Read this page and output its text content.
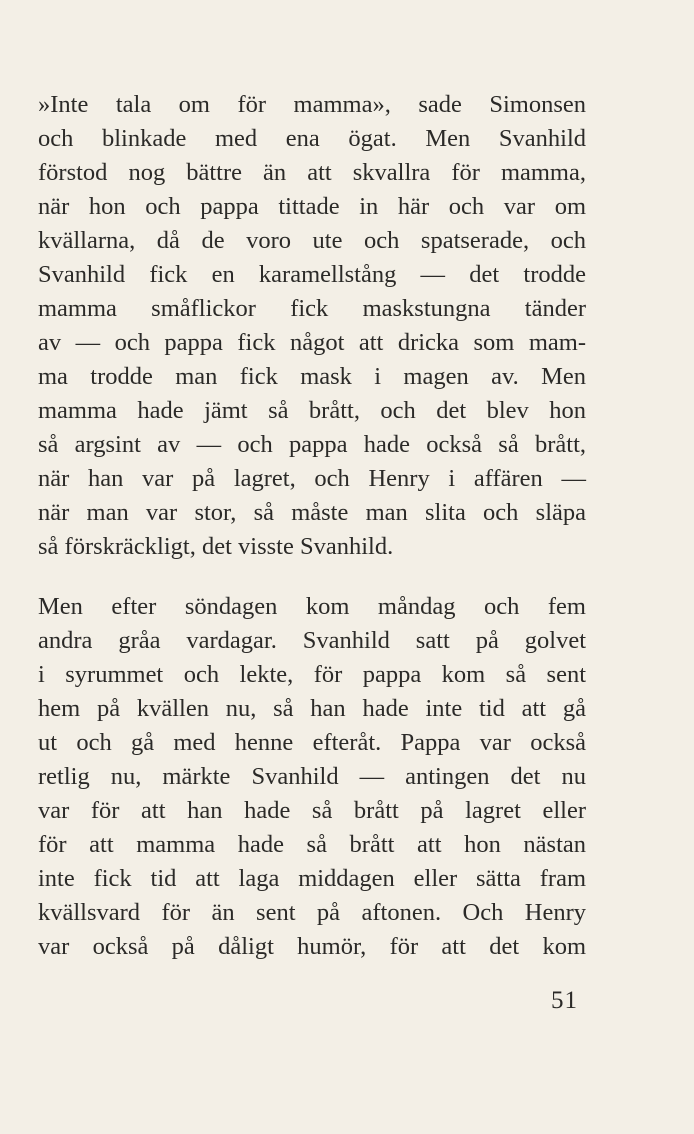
»Inte tala om för mamma», sade Simonsen
och blinkade med ena ögat. Men Svanhild
förstod nog bättre än att skvallra för mamma,
när hon och pappa tittade in här och var om
kvällarna, då de voro ute och spatserade, och
Svanhild fick en karamellstång — det trodde
mamma småflickor fick maskstungna tänder
av — och pappa fick något att dricka som mam-
ma trodde man fick mask i magen av. Men
mamma hade jämt så brått, och det blev hon
så argsint av — och pappa hade också så brått,
när han var på lagret, och Henry i affären —
när man var stor, så måste man slita och släpa
så förskräckligt, det visste Svanhild.
Men efter söndagen kom måndag och fem
andra gråa vardagar. Svanhild satt på golvet
i syrummet och lekte, för pappa kom så sent
hem på kvällen nu, så han hade inte tid att gå
ut och gå med henne efteråt. Pappa var också
retlig nu, märkte Svanhild — antingen det nu
var för att han hade så brått på lagret eller
för att mamma hade så brått att hon nästan
inte fick tid att laga middagen eller sätta fram
kvällsvard för än sent på aftonen. Och Henry
var också på dåligt humör, för att det kom
51
